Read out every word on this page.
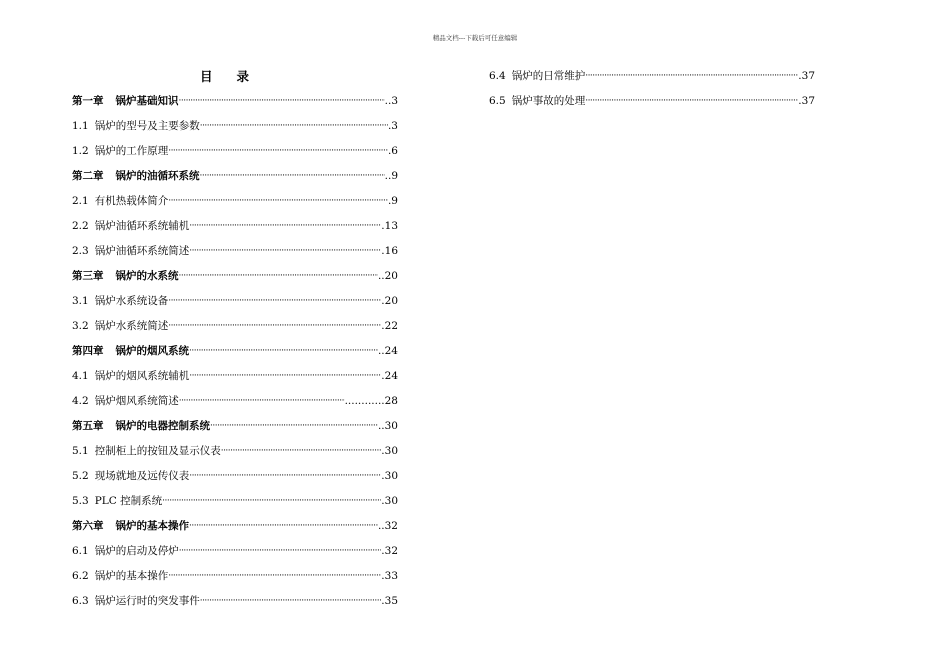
精品文档---下载后可任意编辑
目 录
第一章 锅炉基础知识 ·····	..3
1.1 锅炉的型号及主要参数 ·····	.3
1.2 锅炉的工作原理 ·····	.6
第二章 锅炉的油循环系统 ·····	..9
2.1 有机热载体简介 ·····	.9
2.2 锅炉油循环系统辅机 ·····	.13
2.3 锅炉油循环系统简述 ·····	.16
第三章 锅炉的水系统 ·····	..20
3.1 锅炉水系统设备 ·····	.20
3.2 锅炉水系统简述 ·····	.22
第四章 锅炉的烟风系统 ·····	..24
4.1 锅炉的烟风系统辅机 ·····	.24
4.2 锅炉烟风系统简述 ·····	............28
第五章 锅炉的电器控制系统 ·····	..30
5.1 控制柜上的按钮及显示仪表 ·····	.30
5.2 现场就地及远传仪表 ·····	.30
5.3 PLC 控制系统 ·····	.30
第六章 锅炉的基本操作 ·····	..32
6.1 锅炉的启动及停炉 ·····	.32
6.2 锅炉的基本操作 ·····	.33
6.3 锅炉运行时的突发事件 ·····	.35
6.4 锅炉的日常维护 ·····	.37
6.5 锅炉事故的处理 ·····	.37
